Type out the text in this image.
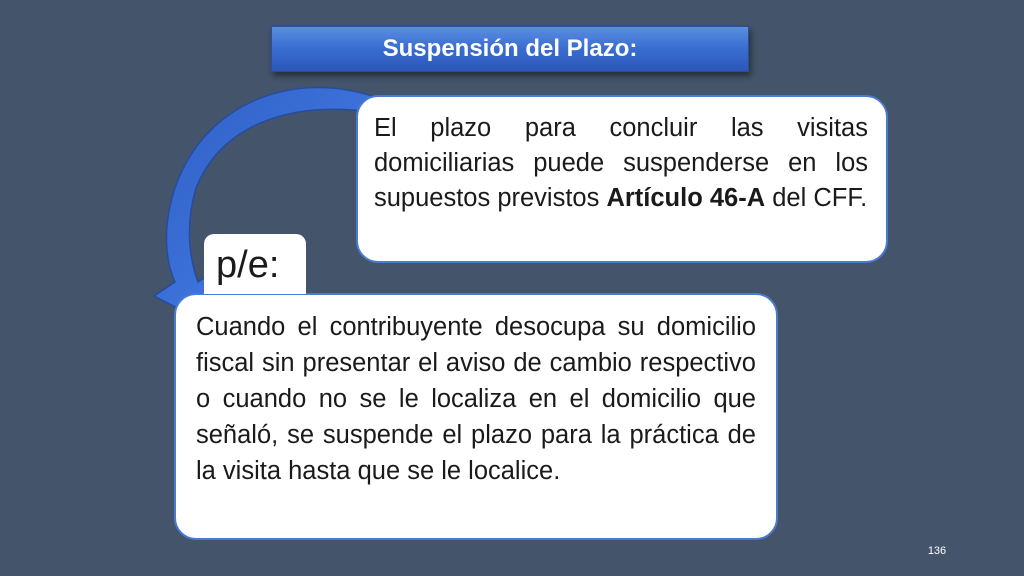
Suspensión del Plazo:

El plazo para concluir las visitas domiciliarias puede suspenderse en los supuestos previstos Artículo 46-A del CFF.

Cuando el contribuyente desocupa su domicilio fiscal sin presentar el aviso de cambio respectivo o cuando no se le localiza en el domicilio que señaló, se suspende el plazo para la práctica de la visita hasta que se le localice.

p/e:
136
